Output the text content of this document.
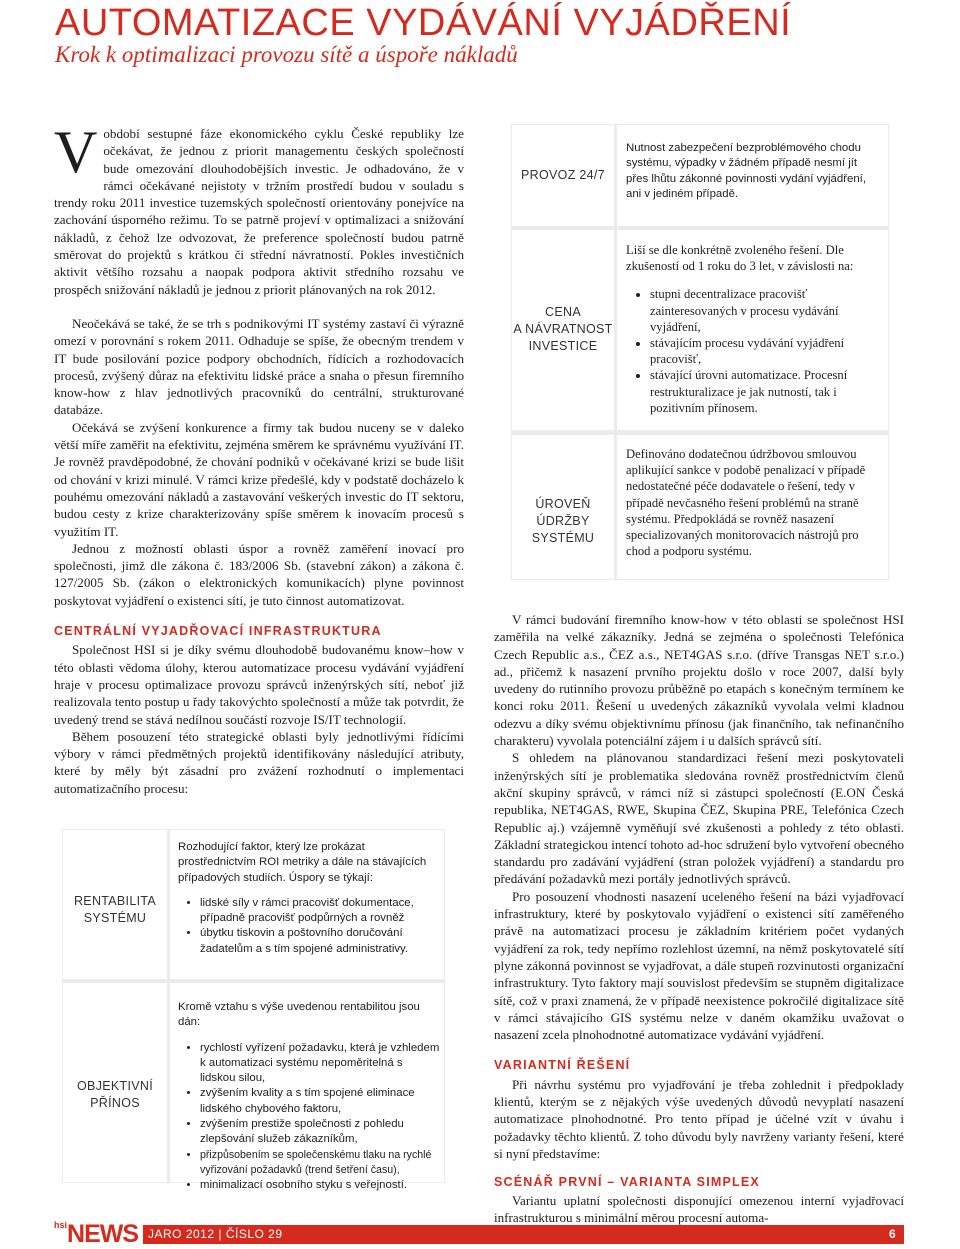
AUTOMATIZACE VYDÁVÁNÍ VYJÁDŘENÍ
Krok k optimalizaci provozu sítě a úspoře nákladů

Vobdobí sestupné fáze ekonomického cyklu České republiky lze očekávat, že jednou z priorit managementu českých společností bude omezování dlouhodobějších investic. Je odhadováno, že v rámci očekávané nejistoty v tržním prostředí budou v souladu s trendy roku 2011 investice tuzemských společností orientovány ponejvíce na zachování úsporného režimu. To se patrně projeví v optimalizaci a snižování nákladů, z čehož lze odvozovat, že preference společností budou patrně směrovat do projektů s krátkou či střední návratností. Pokles investičních aktivit většího rozsahu a naopak podpora aktivit středního rozsahu ve prospěch snižování nákladů je jednou z priorit plánovaných na rok 2012.

Neočekává se také, že se trh s podnikovými IT systémy zastaví či výrazně omezí v porovnání s rokem 2011. Odhaduje se spíše, že obecným trendem v IT bude posilování pozice podpory obchodních, řídících a rozhodovacích procesů, zvýšený důraz na efektivitu lidské práce a snaha o přesun firemního know-how z hlav jednotlivých pracovníků do centrální, strukturované databáze.

Očekává se zvýšení konkurence a firmy tak budou nuceny se v daleko větší míře zaměřit na efektivitu, zejména směrem ke správnému využívání IT. Je rovněž pravděpodobné, že chování podniků v očekávané krizi se bude lišit od chování v krizi minulé. V rámci krize předešlé, kdy v podstatě docházelo k pouhému omezování nákladů a zastavování veškerých investic do IT sektoru, budou cesty z krize charakterizovány spíše směrem k inovacím procesů s využitím IT.

Jednou z možností oblasti úspor a rovněž zaměření inovací pro společnosti, jimž dle zákona č. 183/2006 Sb. (stavební zákon) a zákona č. 127/2005 Sb. (zákon o elektronických komunikacích) plyne povinnost poskytovat vyjádření o existenci sítí, je tuto činnost automatizovat.

CENTRÁLNÍ VYJADŘOVACÍ INFRASTRUKTURA

Společnost HSI si je díky svému dlouhodobě budovanému know–how v této oblasti vědoma úlohy, kterou automatizace procesu vydávání vyjádření hraje v procesu optimalizace provozu správců inženýrských sítí, neboť již realizovala tento postup u řady takovýchto společností a může tak potvrdit, že uvedený trend se stává nedílnou součástí rozvoje IS/IT technologií.

Během posouzení této strategické oblasti byly jednotlivými řídícími výbory v rámci předmětných projektů identifikovány následující atributy, které by měly být zásadní pro zvážení rozhodnutí o implementaci automatizačního procesu:

PROVOZ 24/7
Nutnost zabezpečení bezproblémového chodu systému, výpadky v žádném případě nesmí jít přes lhůtu zákonné povinnosti vydání vyjádření, ani v jediném případě.
CENA
A NÁVRATNOST
INVESTICE
Liší se dle konkrétně zvoleného řešení. Dle zkušeností od 1 roku do 3 let, v závislosti na:
• stupni decentralizace pracovišť zainteresovaných v procesu vydávání vyjádření,
• stávajícím procesu vydávání vyjádření pracovišť,
• stávající úrovni automatizace. Procesní restrukturalizace je jak nutností, tak i pozitivním přínosem.
ÚROVEŇ
ÚDRŽBY SYSTÉMU
Definováno dodatečnou údržbovou smlouvou aplikující sankce v podobě penalizací v případě nedostatečné péče dodavatele o řešení, tedy v případě nevčasného řešení problémů na straně systému. Předpokládá se rovněž nasazení specializovaných monitorovacích nástrojů pro chod a podporu systému.
RENTABILITA
SYSTÉMU
Rozhodující faktor, který lze prokázat prostřednictvím ROI metriky a dále na stávajících případových studiích. Úspory se týkají:
• lidské síly v rámci pracovišť dokumentace, případně pracovišť podpůrných a rovněž
• úbytku tiskovin a poštovního doručování žadatelům a s tím spojené administrativy.
OBJEKTIVNÍ
PŘÍNOS
Kromě vztahu s výše uvedenou rentabilitou jsou dán:
• rychlostí vyřízení požadavku, která je vzhledem k automatizaci systému nepoměritelná s lidskou silou,
• zvýšením kvality a s tím spojené eliminace lidského chybového faktoru,
• zvýšením prestiže společnosti z pohledu zlepšování služeb zákazníkům,
• přizpůsobením se společenskému tlaku na rychlé vyřizování požadavků (trend šetření času),
• minimalizací osobního styku s veřejností.

V rámci budování firemního know-how v této oblasti se společnost HSI zaměřila na velké zákazníky. Jedná se zejména o společnosti Telefónica Czech Republic a.s., ČEZ a.s., NET4GAS s.r.o. (dříve Transgas NET s.r.o.) ad., přičemž k nasazení prvního projektu došlo v roce 2007, další byly uvedeny do rutinního provozu průběžně po etapách s konečným termínem ke konci roku 2011. Řešení u uvedených zákazníků vyvolala velmi kladnou odezvu a díky svému objektivnímu přínosu (jak finančního, tak nefinančního charakteru) vyvolala potenciální zájem i u dalších správců sítí.

S ohledem na plánovanou standardizaci řešení mezi poskytovateli inženýrských sítí je problematika sledována rovněž prostřednictvím členů akční skupiny správců, v rámci níž si zástupci společností (E.ON Česká republika, NET4GAS, RWE, Skupina ČEZ, Skupina PRE, Telefónica Czech Republic aj.) vzájemně vyměňují své zkušenosti a pohledy z této oblasti. Základní strategickou intencí tohoto ad-hoc sdružení bylo vytvoření obecného standardu pro zadávání vyjádření (stran položek vyjádření) a standardu pro předávání požadavků mezi portály jednotlivých správců.

Pro posouzení vhodnosti nasazení uceleného řešení na bázi vyjadřovací infrastruktury, které by poskytovalo vyjádření o existenci sítí zaměřeného právě na automatizaci procesu je základním kritériem počet vydaných vyjádření za rok, tedy nepřímo rozlehlost územní, na němž poskytovatelé sítí plyne zákonná povinnost se vyjadřovat, a dále stupeň rozvinutosti organizační infrastruktury. Tyto faktory mají souvislost především se stupněm digitalizace sítě, což v praxi znamená, že v případě neexistence pokročilé digitalizace sítě v rámci stávajícího GIS systému nelze v daném okamžiku uvažovat o nasazení zcela plnohodnotné automatizace vydávání vyjádření.

VARIANTNÍ ŘEŠENÍ

Při návrhu systému pro vyjadřování je třeba zohlednit i předpoklady klientů, kterým se z nějakých výše uvedených důvodů nevyplatí nasazení automatizace plnohodnotné. Pro tento případ je účelné vzít v úvahu i požadavky těchto klientů. Z toho důvodu byly navrženy varianty řešení, které si nyní představíme:

SCÉNÁŘ PRVNÍ – VARIANTA SIMPLEX

Variantu uplatní společnosti disponující omezenou interní vyjadřovací infrastrukturou s minimální měrou procesní automa-

$^{hsi}$NEWS JARO 2012 | ČÍSLO 29	6
